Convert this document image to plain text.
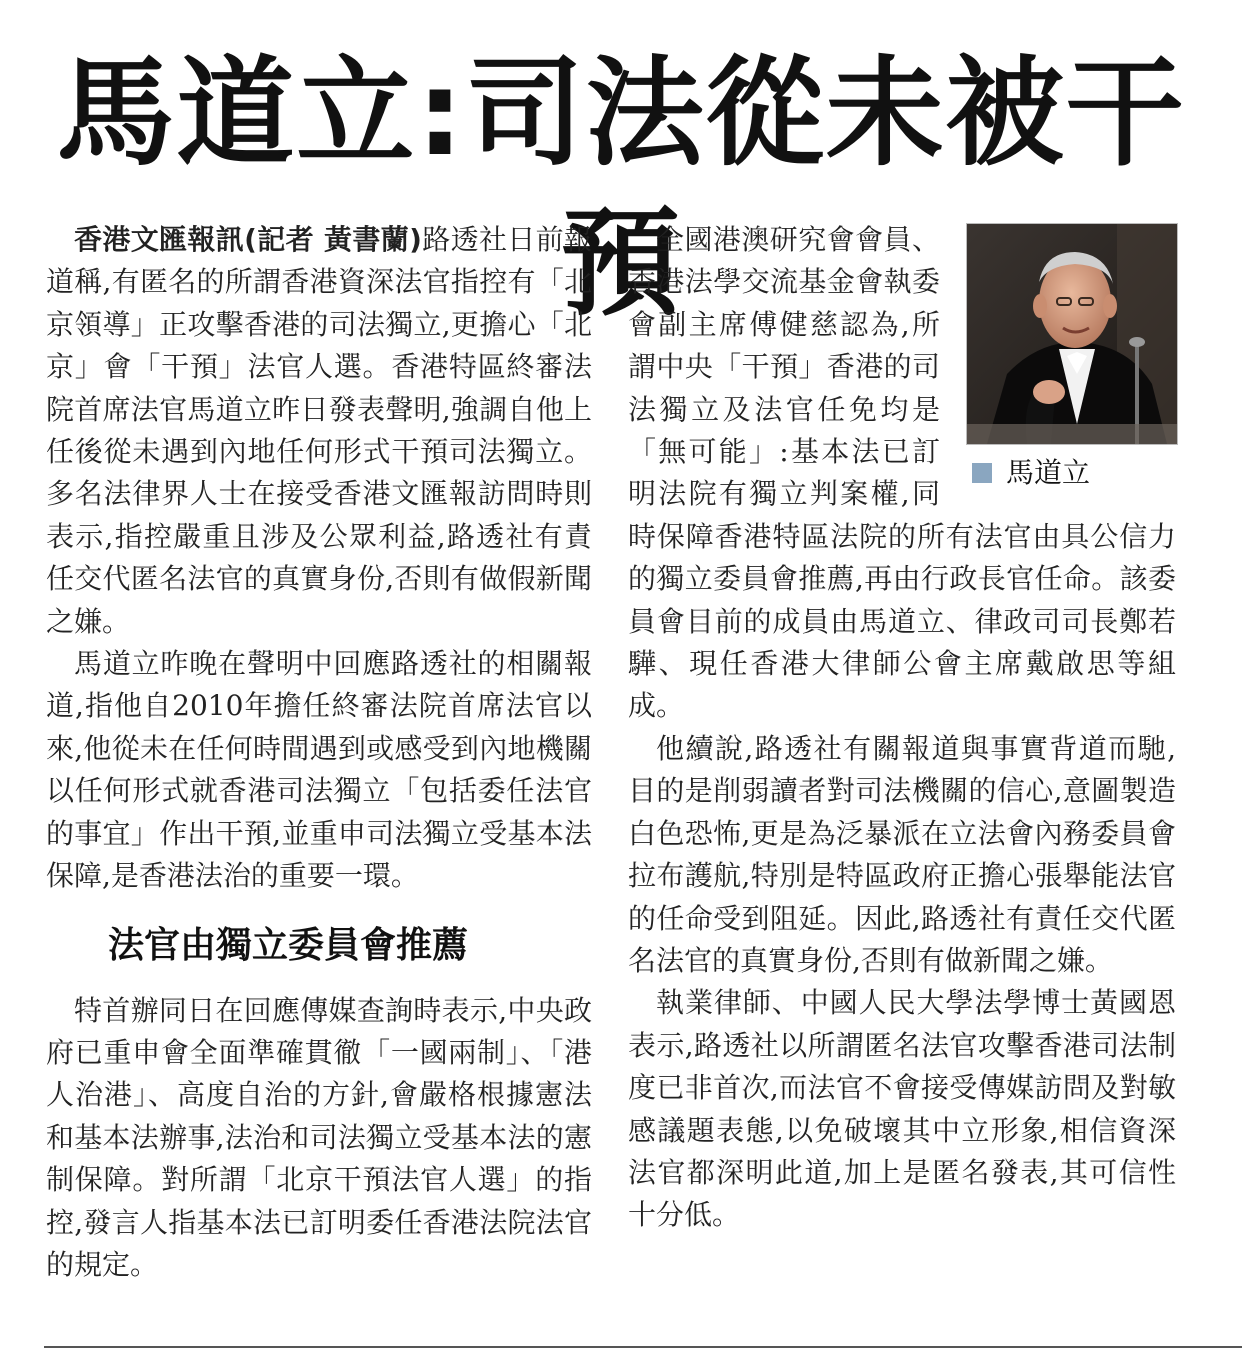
馬道立:司法從未被干預

香港文匯報訊(記者 黃書蘭)路透社日前報道稱,有匿名的所謂香港資深法官指控有「北京領導」正攻擊香港的司法獨立,更擔心「北京」會「干預」法官人選。香港特區終審法院首席法官馬道立昨日發表聲明,強調自他上任後從未遇到內地任何形式干預司法獨立。多名法律界人士在接受香港文匯報訪問時則表示,指控嚴重且涉及公眾利益,路透社有責任交代匿名法官的真實身份,否則有做假新聞之嫌。

馬道立昨晚在聲明中回應路透社的相關報道,指他自2010年擔任終審法院首席法官以來,他從未在任何時間遇到或感受到內地機關以任何形式就香港司法獨立「包括委任法官的事宜」作出干預,並重申司法獨立受基本法保障,是香港法治的重要一環。

法官由獨立委員會推薦

特首辦同日在回應傳媒查詢時表示,中央政府已重申會全面準確貫徹「一國兩制」、「港人治港」、高度自治的方針,會嚴格根據憲法和基本法辦事,法治和司法獨立受基本法的憲制保障。對所謂「北京干預法官人選」的指控,發言人指基本法已訂明委任香港法院法官的規定。

馬道立

全國港澳研究會會員、香港法學交流基金會執委會副主席傅健慈認為,所謂中央「干預」香港的司法獨立及法官任免均是「無可能」:基本法已訂明法院有獨立判案權,同時保障香港特區法院的所有法官由具公信力的獨立委員會推薦,再由行政長官任命。該委員會目前的成員由馬道立、律政司司長鄭若驊、現任香港大律師公會主席戴啟思等組成。

他續說,路透社有關報道與事實背道而馳,目的是削弱讀者對司法機關的信心,意圖製造白色恐怖,更是為泛暴派在立法會內務委員會拉布護航,特別是特區政府正擔心張舉能法官的任命受到阻延。因此,路透社有責任交代匿名法官的真實身份,否則有做新聞之嫌。

執業律師、中國人民大學法學博士黃國恩表示,路透社以所謂匿名法官攻擊香港司法制度已非首次,而法官不會接受傳媒訪問及對敏感議題表態,以免破壞其中立形象,相信資深法官都深明此道,加上是匿名發表,其可信性十分低。
